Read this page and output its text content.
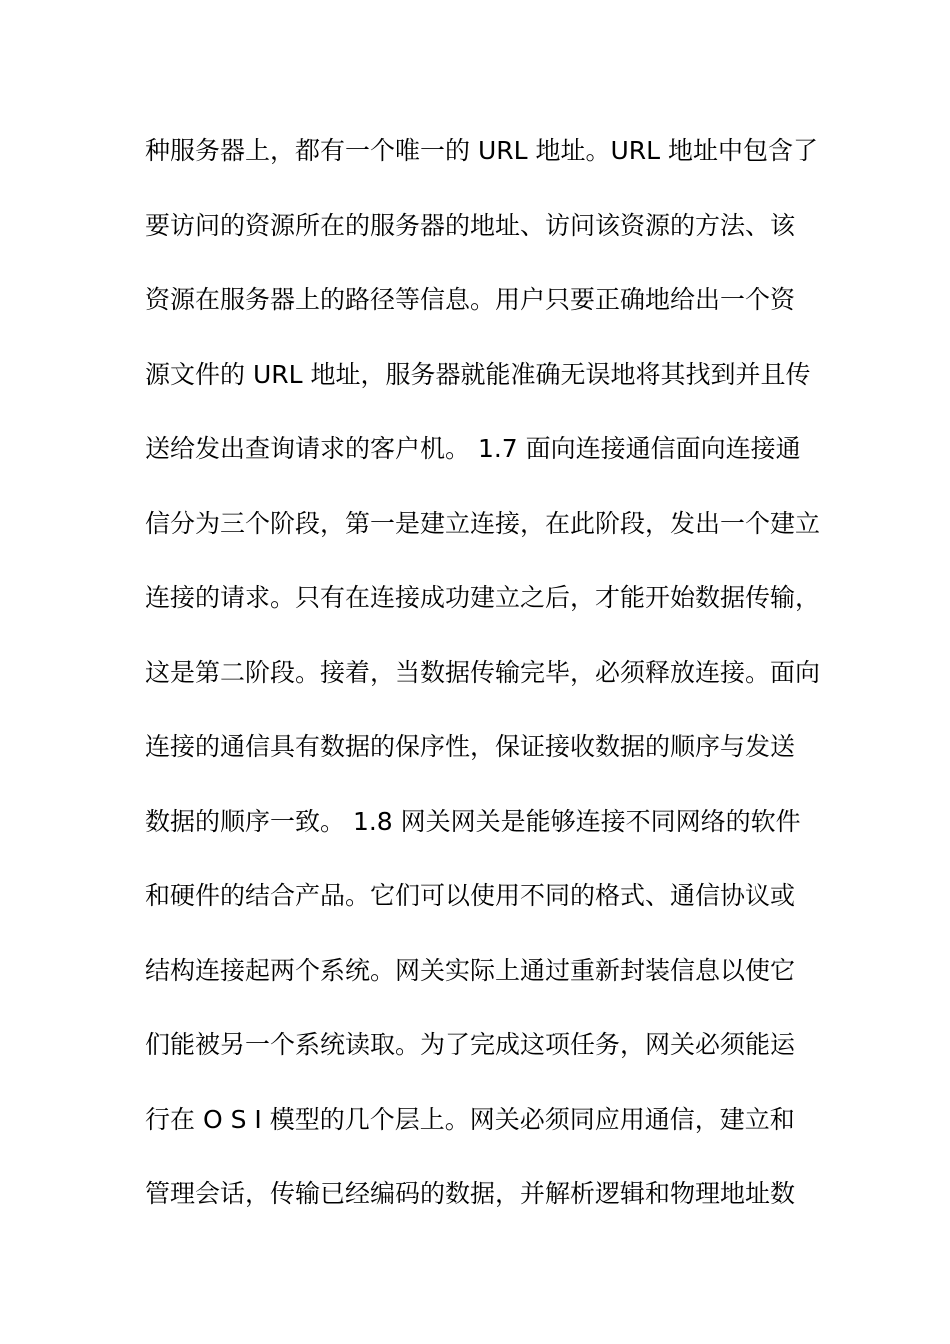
种服务器上，都有一个唯一的 URL 地址。URL 地址中包含了
要访问的资源所在的服务器的地址、访问该资源的方法、该
资源在服务器上的路径等信息。用户只要正确地给出一个资
源文件的 URL 地址，服务器就能准确无误地将其找到并且传
送给发出查询请求的客户机。 1.7 面向连接通信面向连接通
信分为三个阶段，第一是建立连接，在此阶段，发出一个建立
连接的请求。只有在连接成功建立之后，才能开始数据传输，
这是第二阶段。接着，当数据传输完毕，必须释放连接。面向
连接的通信具有数据的保序性，保证接收数据的顺序与发送
数据的顺序一致。 1.8 网关网关是能够连接不同网络的软件
和硬件的结合产品。它们可以使用不同的格式、通信协议或
结构连接起两个系统。网关实际上通过重新封装信息以使它
们能被另一个系统读取。为了完成这项任务，网关必须能运
行在 O S I 模型的几个层上。网关必须同应用通信，建立和
管理会话，传输已经编码的数据，并解析逻辑和物理地址数
